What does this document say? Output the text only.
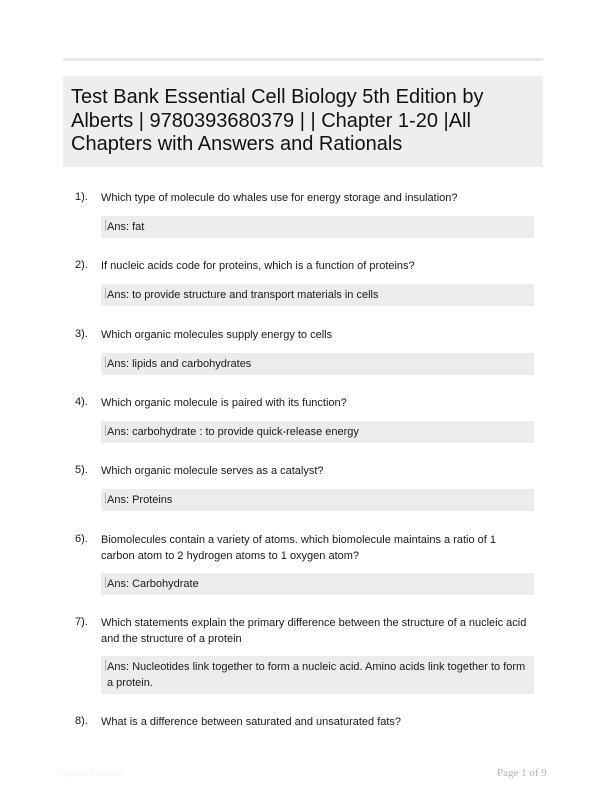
Test Bank Essential Cell Biology 5th Edition by
Alberts | 9780393680379 | | Chapter 1-20 |All
Chapters with Answers and Rationals
1). Which type of molecule do whales use for energy storage and insulation?
Ans: fat
2). If nucleic acids code for proteins, which is a function of proteins?
Ans: to provide structure and transport materials in cells
3). Which organic molecules supply energy to cells
Ans: lipids and carbohydrates
4). Which organic molecule is paired with its function?
Ans: carbohydrate : to provide quick-release energy
5). Which organic molecule serves as a catalyst?
Ans: Proteins
6). Biomolecules contain a variety of atoms. which biomolecule maintains a ratio of 1 carbon atom to 2 hydrogen atoms to 1 oxygen atom?
Ans: Carbohydrate
7). Which statements explain the primary difference between the structure of a nucleic acid and the structure of a protein
Ans: Nucleotides link together to form a nucleic acid. Amino acids link together to form a protein.
8). What is a difference between saturated and unsaturated fats?
Papertrbic.com	Page 1 of 9
